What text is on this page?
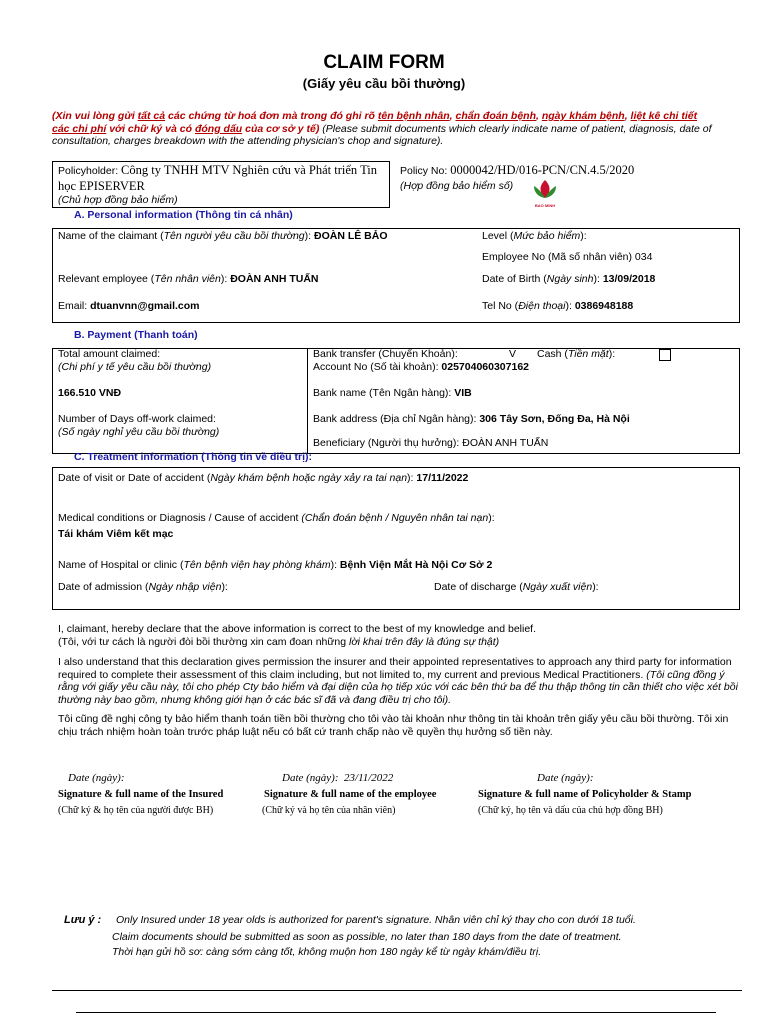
CLAIM FORM
(Giấy yêu cầu bồi thường)
(Xin vui lòng gửi tất cả các chứng từ hoá đơn mà trong đó ghi rõ tên bệnh nhân, chẩn đoán bệnh, ngày khám bệnh, liệt kê chi tiết các chi phí với chữ ký và có đóng dấu của cơ sở y tế) (Please submit documents which clearly indicate name of patient, diagnosis, date of consultation, charges breakdown with the attending physician's chop and signature).
Policyholder: Công ty TNHH MTV Nghiên cứu và Phát triển Tin học EPISERVER
(Chủ hợp đồng bảo hiểm)
Policy No: 0000042/HD/016-PCN/CN.4.5/2020
(Hợp đồng bảo hiểm số)
BAO MINH
A. Personal information (Thông tin cá nhân)
Name of the claimant (Tên người yêu cầu bồi thường): ĐOÀN LÊ BẢO	Level (Mức bảo hiểm):
Employee No (Mã số nhân viên) 034
Relevant employee (Tên nhân viên): ĐOÀN ANH TUẤN	Date of Birth (Ngày sinh): 13/09/2018
Email: dtuanvnn@gmail.com	Tel No (Điện thoại): 0386948188
B. Payment (Thanh toán)
Total amount claimed:
(Chi phí y tế yêu cầu bồi thường)
166.510 VNĐ
Number of Days off-work claimed:
(Số ngày nghỉ yêu cầu bồi thường)
Bank transfer (Chuyển Khoản):	V Cash (Tiền mặt):
Account No (Số tài khoản): 025704060307162
Bank name (Tên Ngân hàng): VIB
Bank address (Địa chỉ Ngân hàng): 306 Tây Sơn, Đống Đa, Hà Nội
Beneficiary (Người thụ hưởng): ĐOÀN ANH TUẤN
C. Treatment information (Thông tin về điều trị):
Date of visit or Date of accident (Ngày khám bệnh hoặc ngày xảy ra tai nạn): 17/11/2022
Medical conditions or Diagnosis / Cause of accident (Chẩn đoán bệnh / Nguyên nhân tai nạn):
Tái khám Viêm kết mạc
Name of Hospital or clinic (Tên bệnh viện hay phòng khám): Bệnh Viện Mắt Hà Nội Cơ Sở 2
Date of admission (Ngày nhập viện):	Date of discharge (Ngày xuất viện):
I, claimant, hereby declare that the above information is correct to the best of my knowledge and belief.
(Tôi, với tư cách là người đòi bồi thường xin cam đoan những lời khai trên đây là đúng sự thật)
I also understand that this declaration gives permission the insurer and their appointed representatives to approach any third party for information required to complete their assessment of this claim including, but not limited to, my current and previous Medical Practitioners. (Tôi cũng đồng ý rằng với giấy yêu cầu này, tôi cho phép Cty bảo hiểm và đại diện của họ tiếp xúc với các bên thứ ba để thu thập thông tin cần thiết cho việc xét bồi thường này bao gồm, nhưng không giới hạn ở các bác sĩ đã và đang điều trị cho tôi).
Tôi cũng đề nghị công ty bảo hiểm thanh toán tiền bồi thường cho tôi vào tài khoản như thông tin tài khoản trên giấy yêu cầu bồi thường. Tôi xin chịu trách nhiệm hoàn toàn trước pháp luật nếu có bất cứ tranh chấp nào về quyền thụ hưởng số tiền này.
Date (ngày):
Signature & full name of the Insured
(Chữ ký & họ tên của người được BH)
Date (ngày): 23/11/2022
Signature & full name of the employee
(Chữ ký và họ tên của nhân viên)
Date (ngày):
Signature & full name of Policyholder & Stamp
(Chữ ký, họ tên và dấu của chủ hợp đồng BH)
Lưu ý : Only Insured under 18 year olds is authorized for parent's signature. Nhân viên chỉ ký thay cho con dưới 18 tuổi.
Claim documents should be submitted as soon as possible, no later than 180 days from the date of treatment.
Thời hạn gửi hồ sơ: càng sớm càng tốt, không muộn hơn 180 ngày kể từ ngày khám/điều trị.
